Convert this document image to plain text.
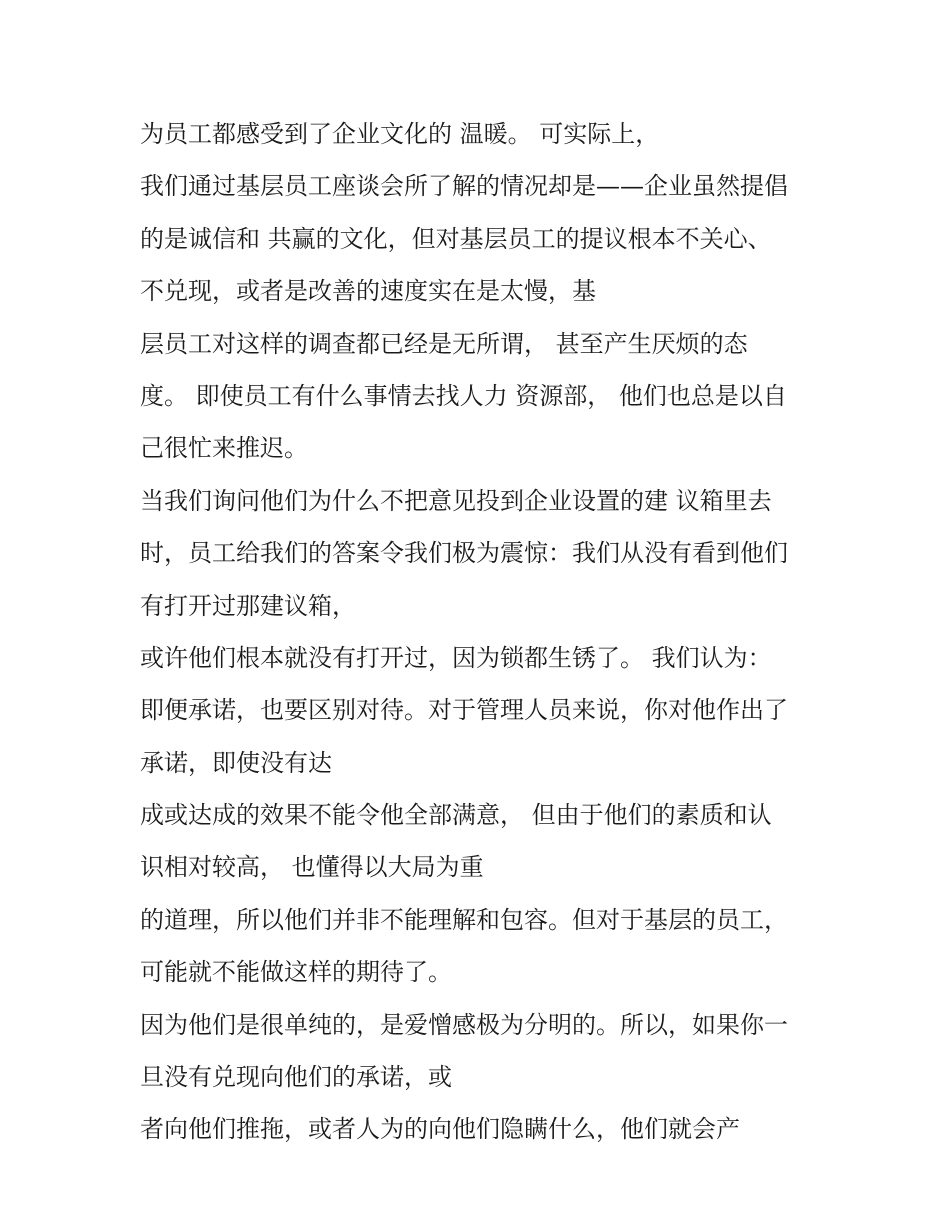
为员工都感受到了企业文化的 温暖。 可实际上，
我们通过基层员工座谈会所了解的情况却是——企业虽然提倡
的是诚信和 共赢的文化，但对基层员工的提议根本不关心、
不兑现，或者是改善的速度实在是太慢，基
层员工对这样的调查都已经是无所谓， 甚至产生厌烦的态
度。 即使员工有什么事情去找人力 资源部， 他们也总是以自
己很忙来推迟。
当我们询问他们为什么不把意见投到企业设置的建 议箱里去
时，员工给我们的答案令我们极为震惊：我们从没有看到他们
有打开过那建议箱，
或许他们根本就没有打开过，因为锁都生锈了。 我们认为：
即便承诺，也要区别对待。对于管理人员来说，你对他作出了
承诺，即使没有达
成或达成的效果不能令他全部满意， 但由于他们的素质和认
识相对较高， 也懂得以大局为重
的道理，所以他们并非不能理解和包容。但对于基层的员工，
可能就不能做这样的期待了。
因为他们是很单纯的，是爱憎感极为分明的。所以，如果你一
旦没有兑现向他们的承诺，或
者向他们推拖，或者人为的向他们隐瞒什么，他们就会产
